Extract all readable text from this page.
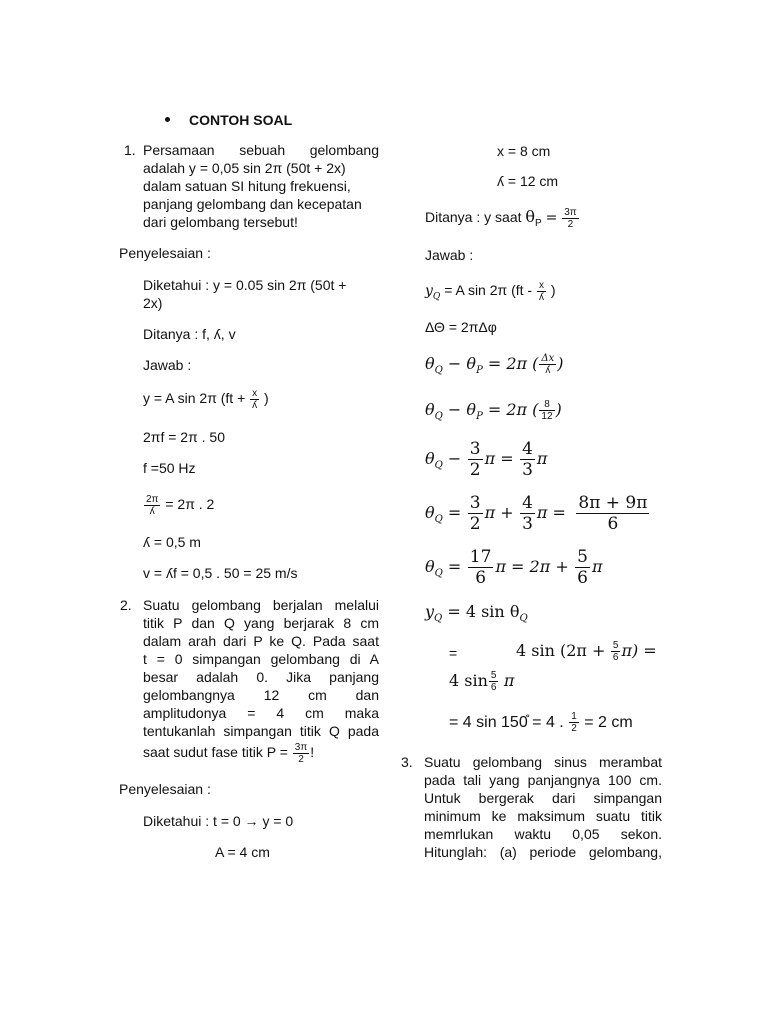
CONTOH SOAL
1. Persamaan sebuah gelombang
adalah y = 0,05 sin 2π (50t + 2x)
dalam satuan SI hitung frekuensi,
panjang gelombang dan kecepatan
dari gelombang tersebut!
Penyelesaian :
Diketahui : y = 0.05 sin 2π (50t +
2x)
Ditanya : f, ʎ, v
Jawab :
y = A sin 2π ($ft + \frac{x}{\text{ʎ}}$ )
2πf = 2π . 50
f =50 Hz
$\frac{2\pi}{\text{ʎ}} = 2\pi$ . 2
ʎ = 0,5 m
v = ʎf = 0,5 . 50 = 25 m/s
2. Suatu gelombang berjalan melalui
titik P dan Q yang berjarak 8 cm
dalam arah dari P ke Q. Pada saat
t = 0 simpangan gelombang di A
besar adalah 0. Jika panjang
gelombangnya 12 cm dan
amplitudonya = 4 cm maka
tentukanlah simpangan titik Q pada
saat sudut fase titik $P = \frac{3\pi}{2}$ !
Penyelesaian :
Diketahui : t = 0 → y = 0
A = 4 cm
x = 8 cm
ʎ = 12 cm
Ditanya : y saat $\theta_P = \frac{3\pi}{2}$
Jawab :
$y_Q = A$ sin 2π ($ft - \frac{x}{\text{ʎ}}$ )
ΔΘ = 2πΔφ
$\theta_Q - \theta_P = 2\pi$ ( $\frac{\Delta x}{\text{ʎ}}$ )
$\theta_Q - \theta_P = 2\pi$ ( $\frac{8}{12}$ )
$\theta_Q - \frac{3}{2}$ $\pi = \frac{4}{3}$ π
$\theta_Q = \frac{3}{2}$ $\pi + \frac{4}{3}$ $\pi = \frac{8\pi + 9\pi}{6}$
$\theta_Q = \frac{17}{6}$ $\pi = 2\pi + \frac{5}{6}$ π
$y_Q = 4$ $\sin \theta_Q$
=	4 $\sin (2\pi + \frac{5}{6} \pi)$ =
4 $\sin \frac{5}{6}$ π
= 4 sin 150̊ = 4 . $\frac{1}{2} = 2$ cm
3. Suatu gelombang sinus merambat
pada tali yang panjangnya 100 cm.
Untuk bergerak dari simpangan
minimum ke maksimum suatu titik
memrlukan waktu 0,05 sekon.
Hitunglah: (a) periode gelombang,
